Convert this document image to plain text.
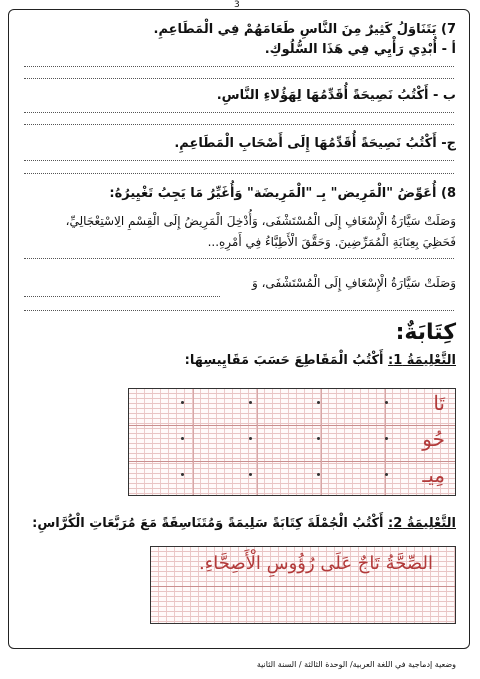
3
7) يَتَنَاوَلُ كَثِيرٌ مِنَ النَّاسِ طَعَامَهُمْ فِي الْمَطَاعِمِ.
أ - أُبْدِي رَأْيِي فِي هَذَا السُّلُوكِ.
ب - أَكْتُبُ نَصِيحَةً أُقَدِّمُهَا لِهَؤُلاءِ النَّاسِ.
ج- أَكْتُبُ نَصِيحَةً أُقَدِّمُهَا إِلَى أَصْحَابِ الْمَطَاعِمِ.
8) أُعَوِّضُ "الْمَرِيض" بِـ "الْمَرِيضَة" وَأُغَيِّرُ مَا يَجِبُ تَغْيِيرُهُ:
وَصَلَتْ سَيَّارَةُ الْإِسْعَافِ إِلَى الْمُسْتَشْفَى، وَأُدْخِلَ الْمَرِيضُ إِلَى الْقِسْمِ الِاسْتِعْجَالِيِّ،
فَحَظِيَ بِعِنَايَةِ الْمُمَرِّضِينَ. وَحَقَّقَ الْأَطِبَّاءُ فِي أَمْرِهِ...
وَصَلَتْ سَيَّارَةُ الْإِسْعَافِ إِلَى الْمُسْتَشْفَى، وَ
كِتَابَةٌ:
التَّعْلِيمَةُ 1: أَكْتُبُ الْمَقَاطِعَ حَسَبَ مَقَايِيسِهَا:
تَا
حُو
مِيـ
التَّعْلِيمَةُ 2: أَكْتُبُ الْجُمْلَةَ كِتَابَةً سَلِيمَةً وَمُتَنَاسِقَةً مَعَ مُرَبَّعَاتِ الْكُرَّاسِ:
الصِّحَّةُ تَاجٌ عَلَى رُؤُوسِ الْأَصِحَّاءِ.
وضعية إدماجية في اللغة العربية/ الوحدة الثالثة / السنة الثانية
